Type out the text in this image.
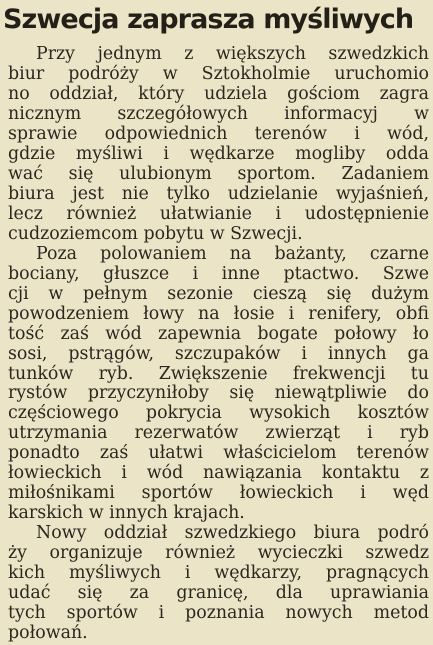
Szwecja zaprasza myśliwych
Przy jednym z większych szwedzkich
biur podróży w Sztokholmie uruchomio
no oddział, który udziela gościom zagra
nicznym szczegółowych informacyj w
sprawie odpowiednich terenów i wód,
gdzie myśliwi i wędkarze mogliby odda
wać się ulubionym sportom. Zadaniem
biura jest nie tylko udzielanie wyjaśnień,
lecz również ułatwianie i udostępnienie
cudzoziemcom pobytu w Szwecji.
Poza polowaniem na bażanty, czarne
bociany, głuszce i inne ptactwo. Szwe
cji w pełnym sezonie cieszą się dużym
powodzeniem łowy na łosie i renifery, obfi
tość zaś wód zapewnia bogate połowy ło
sosi, pstrągów, szczupaków i innych ga
tunków ryb. Zwiększenie frekwencji tu
rystów przyczyniłoby się niewątpliwie do
częściowego pokrycia wysokich kosztów
utrzymania rezerwatów zwierząt i ryb
ponadto zaś ułatwi właścicielom terenów
łowieckich i wód nawiązania kontaktu z
miłośnikami sportów łowieckich i węd
karskich w innych krajach.
Nowy oddział szwedzkiego biura podró
ży organizuje również wycieczki szwedz
kich myśliwych i wędkarzy, pragnących
udać się za granicę, dla uprawiania
tych sportów i poznania nowych metod
połowań.
